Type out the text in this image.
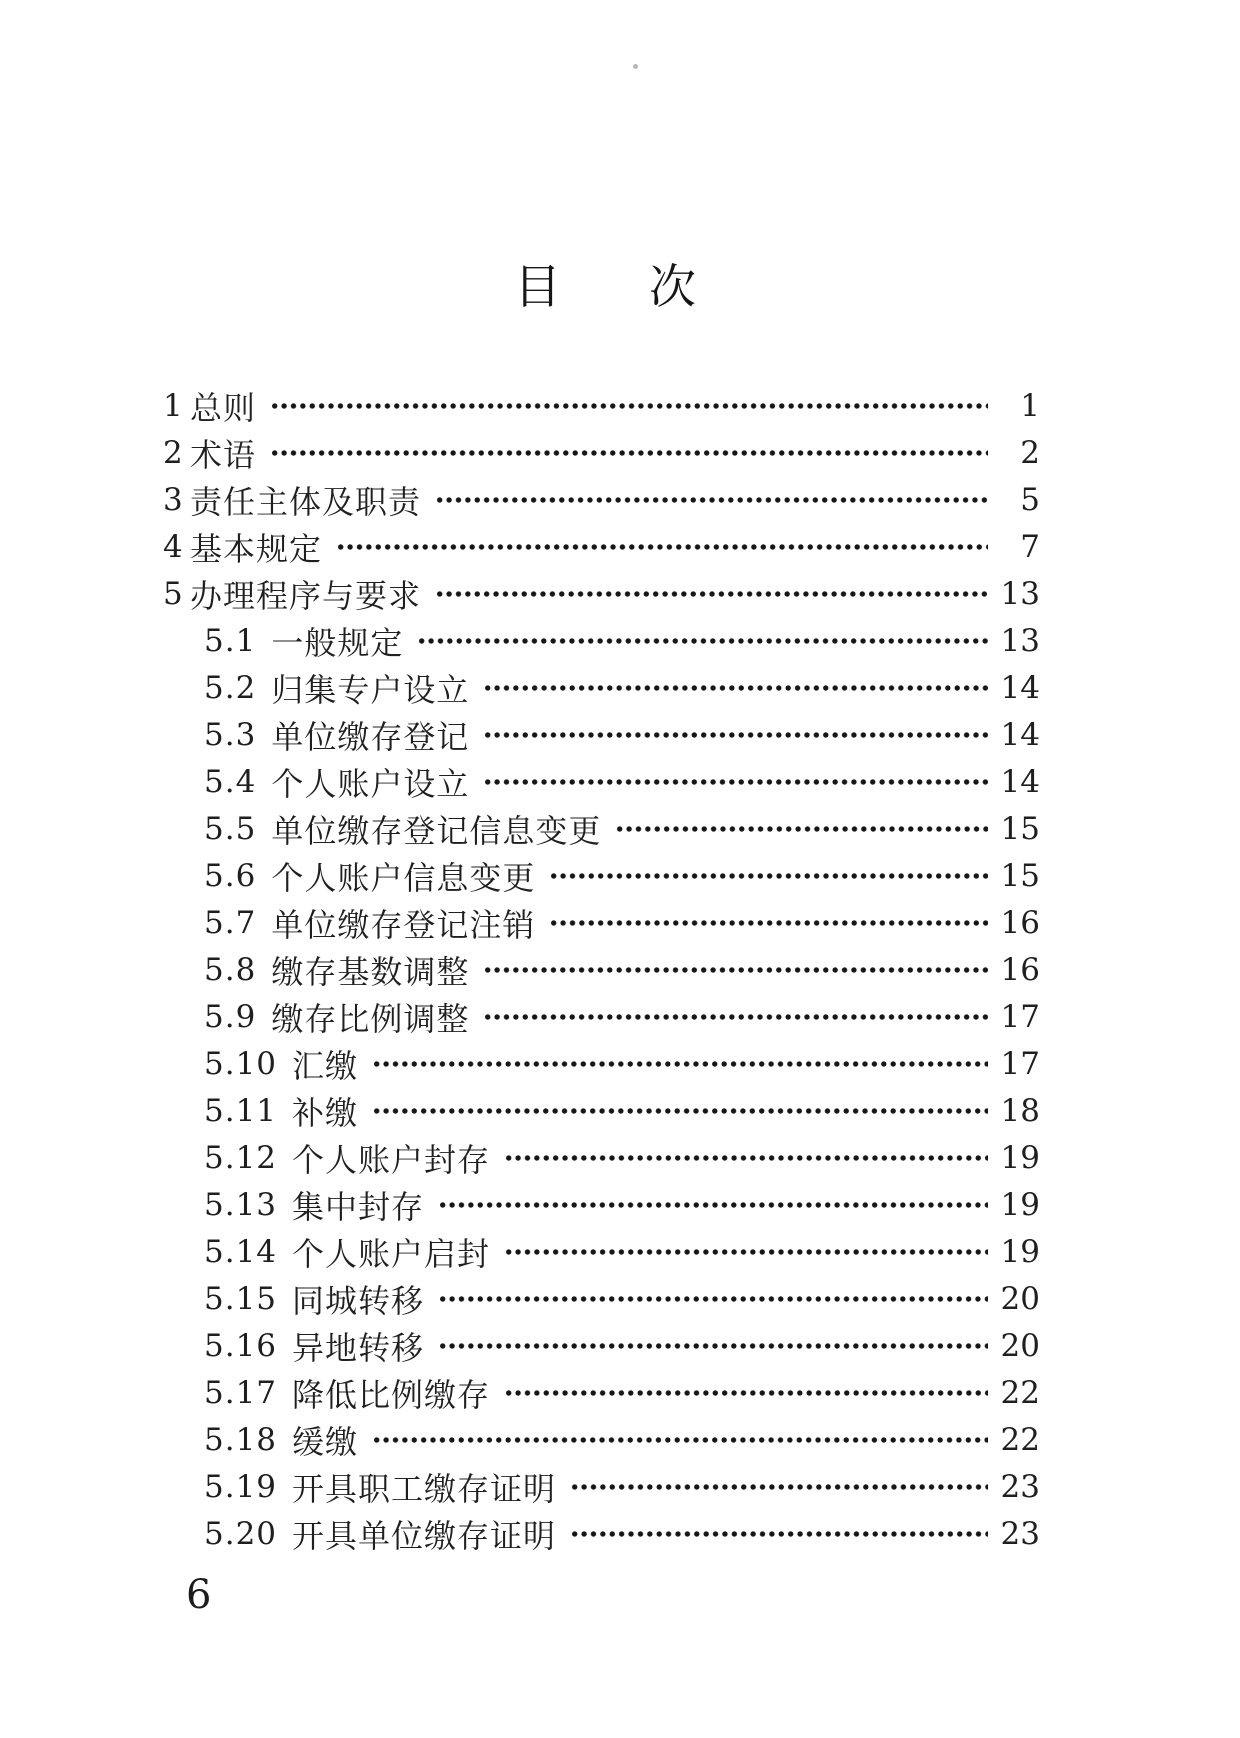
目 次
1 总则	1
2 术语	2
3 责任主体及职责	5
4 基本规定	7
5 办理程序与要求	13
5.1 一般规定	13
5.2 归集专户设立	14
5.3 单位缴存登记	14
5.4 个人账户设立	14
5.5 单位缴存登记信息变更	15
5.6 个人账户信息变更	15
5.7 单位缴存登记注销	16
5.8 缴存基数调整	16
5.9 缴存比例调整	17
5.10 汇缴	17
5.11 补缴	18
5.12 个人账户封存	19
5.13 集中封存	19
5.14 个人账户启封	19
5.15 同城转移	20
5.16 异地转移	20
5.17 降低比例缴存	22
5.18 缓缴	22
5.19 开具职工缴存证明	23
5.20 开具单位缴存证明	23
6
